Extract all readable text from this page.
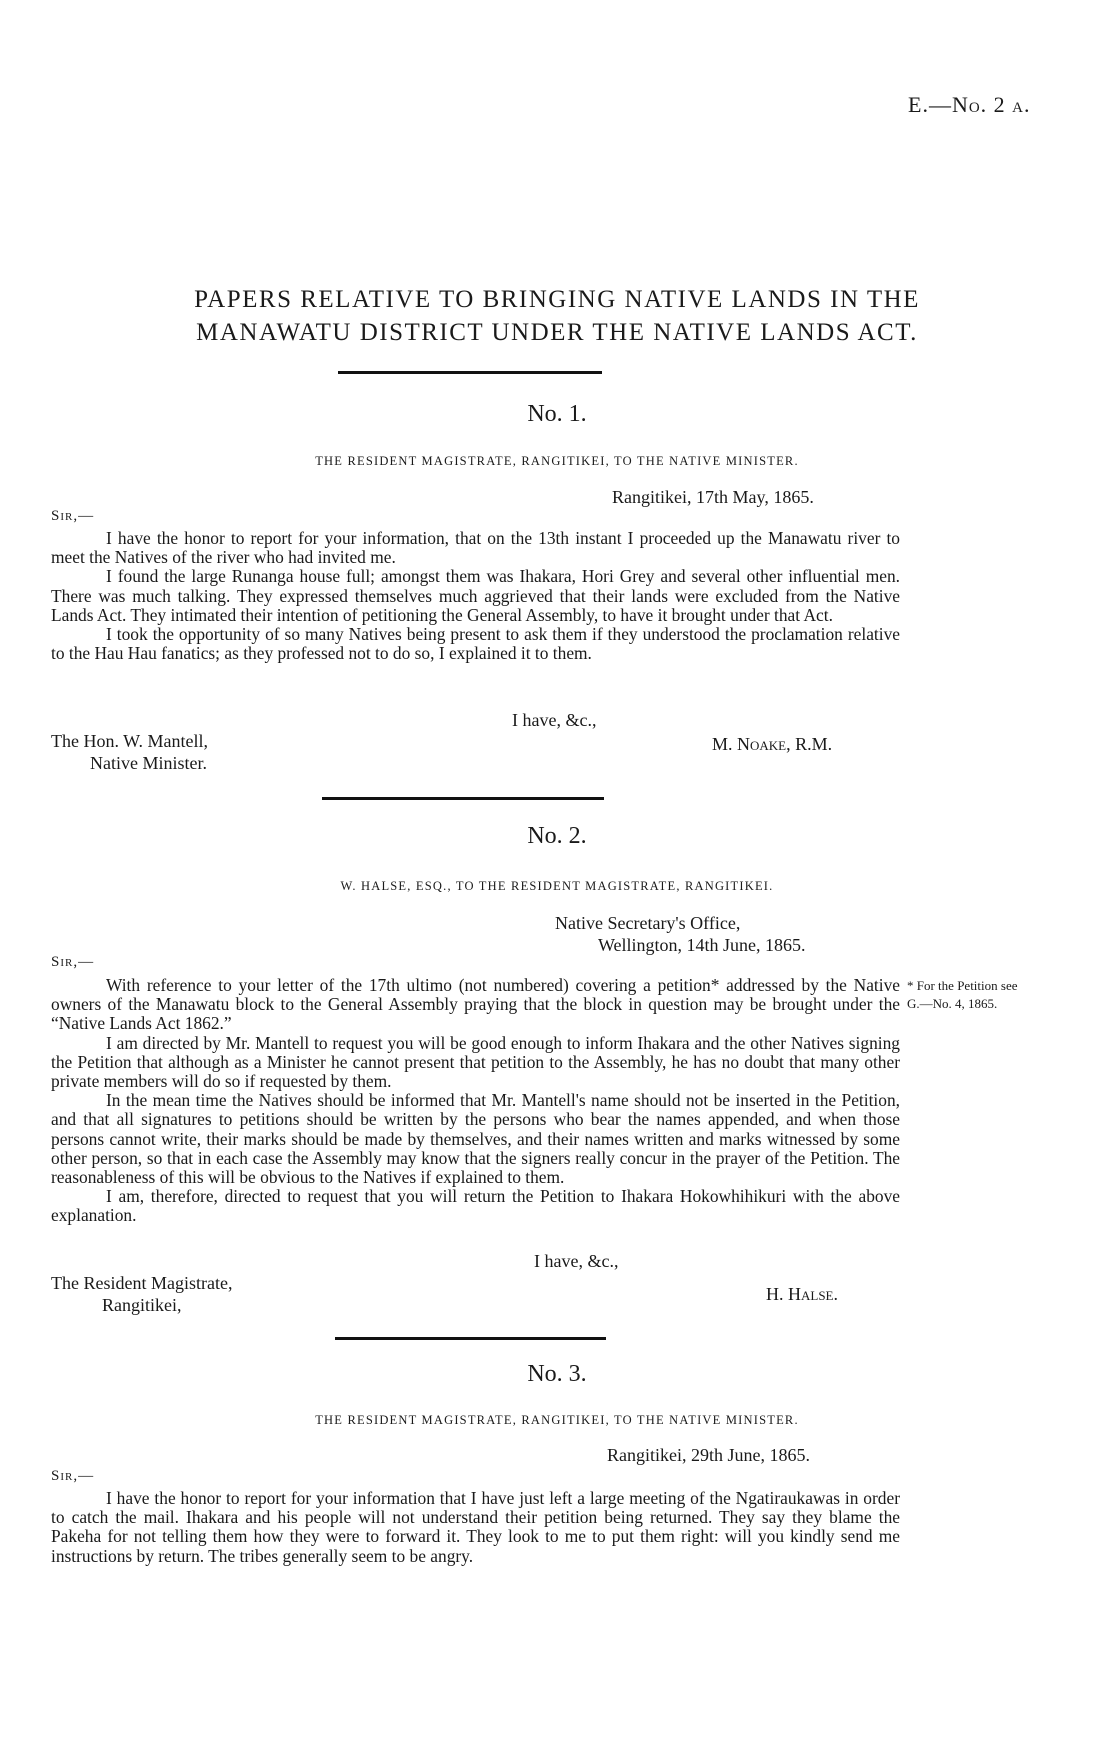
E.—No. 2 a.
PAPERS RELATIVE TO BRINGING NATIVE LANDS IN THE
MANAWATU DISTRICT UNDER THE NATIVE LANDS ACT.
No. 1.
THE RESIDENT MAGISTRATE, RANGITIKEI, TO THE NATIVE MINISTER.
Rangitikei, 17th May, 1865.
Sir,—

I have the honor to report for your information, that on the 13th instant I proceeded up the Manawatu river to meet the Natives of the river who had invited me.

I found the large Runanga house full; amongst them was Ihakara, Hori Grey and several other influential men. There was much talking. They expressed themselves much aggrieved that their lands were excluded from the Native Lands Act. They intimated their intention of petitioning the General Assembly, to have it brought under that Act.

I took the opportunity of so many Natives being present to ask them if they understood the proclamation relative to the Hau Hau fanatics; as they professed not to do so, I explained it to them.

I have, &c.,
The Hon. W. Mantell,	M. Noake, R.M.
Native Minister.
No. 2.
W. HALSE, ESQ., TO THE RESIDENT MAGISTRATE, RANGITIKEI.
Native Secretary's Office,
Wellington, 14th June, 1865.
Sir,—

With reference to your letter of the 17th ultimo (not numbered) covering a petition* addressed by the Native owners of the Manawatu block to the General Assembly praying that the block in question may be brought under the “Native Lands Act 1862.”

I am directed by Mr. Mantell to request you will be good enough to inform Ihakara and the other Natives signing the Petition that although as a Minister he cannot present that petition to the Assembly, he has no doubt that many other private members will do so if requested by them.

In the mean time the Natives should be informed that Mr. Mantell's name should not be inserted in the Petition, and that all signatures to petitions should be written by the persons who bear the names appended, and when those persons cannot write, their marks should be made by themselves, and their names written and marks witnessed by some other person, so that in each case the Assembly may know that the signers really concur in the prayer of the Petition. The reasonableness of this will be obvious to the Natives if explained to them.

I am, therefore, directed to request that you will return the Petition to Ihakara Hokowhihikuri with the above explanation.

* For the Petition see
G.—No. 4, 1865.
I have, &c.,
The Resident Magistrate,
H. Halse.
Rangitikei,
No. 3.
THE RESIDENT MAGISTRATE, RANGITIKEI, TO THE NATIVE MINISTER.
Rangitikei, 29th June, 1865.
Sir,—

I have the honor to report for your information that I have just left a large meeting of the Ngatiraukawas in order to catch the mail. Ihakara and his people will not understand their petition being returned. They say they blame the Pakeha for not telling them how they were to forward it. They look to me to put them right: will you kindly send me instructions by return. The tribes generally seem to be angry.
